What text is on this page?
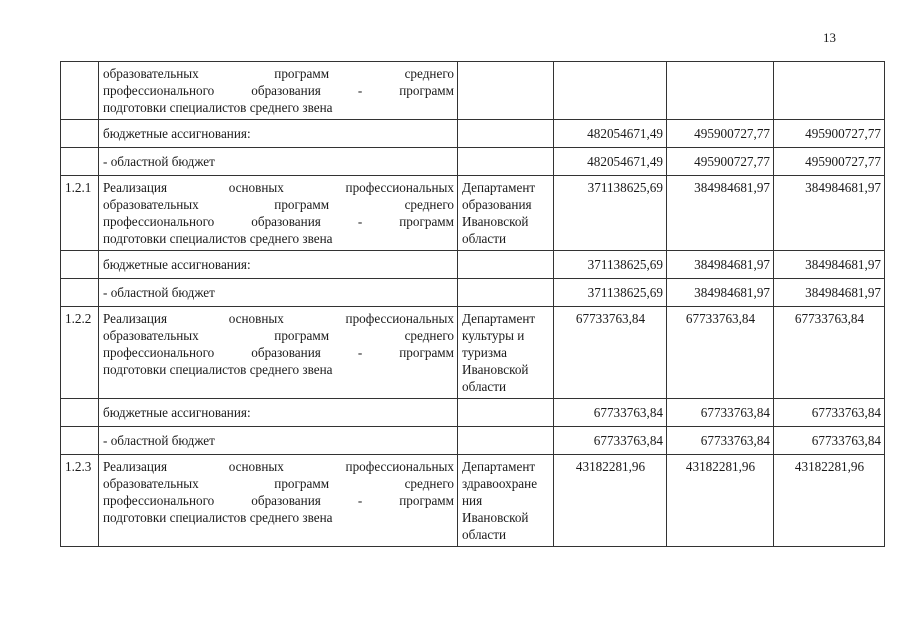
13

	образовательных программ среднего
профессионального образования - программ
подготовки специалистов среднего звена				

	бюджетные ассигнования:		482054671,49	495900727,77	495900727,77

	- областной бюджет		482054671,49	495900727,77	495900727,77
1.2.1	Реализация основных профессиональных
образовательных программ среднего
профессионального образования - программ
подготовки специалистов среднего звена	Департамент образования Ивановской области	371138625,69	384984681,97	384984681,97

	бюджетные ассигнования:		371138625,69	384984681,97	384984681,97

	- областной бюджет		371138625,69	384984681,97	384984681,97
1.2.2	Реализация основных профессиональных
образовательных программ среднего
профессионального образования - программ
подготовки специалистов среднего звена	Департамент культуры и туризма Ивановской области	67733763,84	67733763,84	67733763,84

	бюджетные ассигнования:		67733763,84	67733763,84	67733763,84

	- областной бюджет		67733763,84	67733763,84	67733763,84
1.2.3	Реализация основных профессиональных
образовательных программ среднего
профессионального образования - программ
подготовки специалистов среднего звена	Департамент здравоохране ния Ивановской области	43182281,96	43182281,96	43182281,96
